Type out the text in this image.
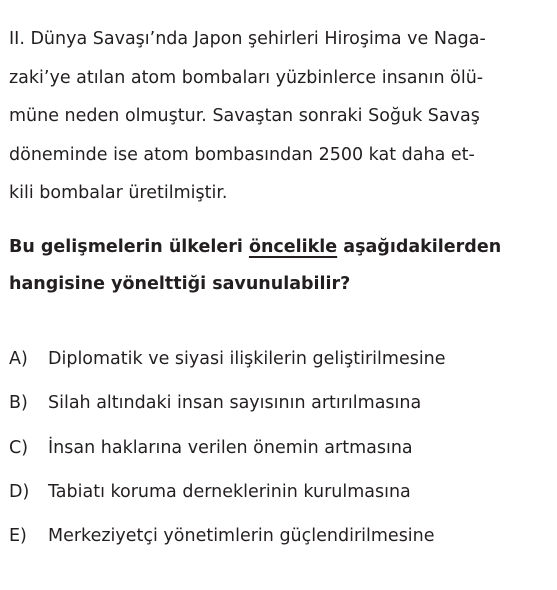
II. Dünya Savaşı’nda Japon şehirleri Hiroşima ve Naga-
zaki’ye atılan atom bombaları yüzbinlerce insanın ölü-
müne neden olmuştur. Savaştan sonraki Soğuk Savaş
döneminde ise atom bombasından 2500 kat daha et-
kili bombalar üretilmiştir.
Bu gelişmelerin ülkeleri öncelikle aşağıdakilerden
hangisine yönelttiği savunulabilir?
A)	Diplomatik ve siyasi ilişkilerin geliştirilmesine
B)	Silah altındaki insan sayısının artırılmasına
C)	İnsan haklarına verilen önemin artmasına
D)	Tabiatı koruma derneklerinin kurulmasına
E)	Merkeziyetçi yönetimlerin güçlendirilmesine
